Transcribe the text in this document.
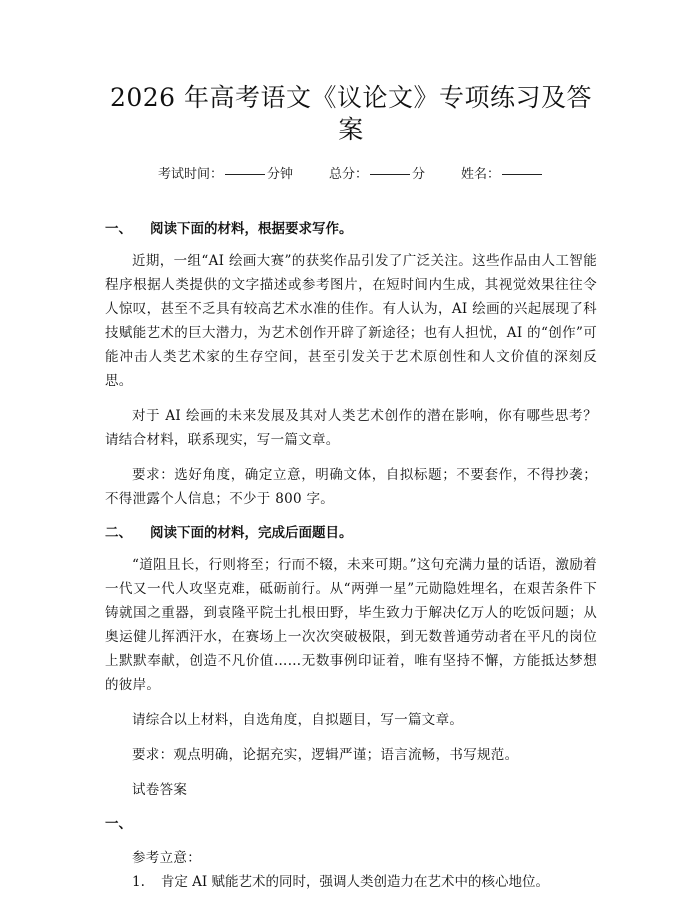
2026 年高考语文《议论文》专项练习及答案
考试时间：	分钟	总分：	分	姓名：
一、 阅读下面的材料，根据要求写作。

近期，一组“AI 绘画大赛”的获奖作品引发了广泛关注。这些作品由人工智能程序根据人类提供的文字描述或参考图片，在短时间内生成，其视觉效果往往令人惊叹，甚至不乏具有较高艺术水准的佳作。有人认为，AI 绘画的兴起展现了科技赋能艺术的巨大潜力，为艺术创作开辟了新途径；也有人担忧，AI 的“创作”可能冲击人类艺术家的生存空间，甚至引发关于艺术原创性和人文价值的深刻反思。

对于 AI 绘画的未来发展及其对人类艺术创作的潜在影响，你有哪些思考？请结合材料，联系现实，写一篇文章。

要求：选好角度，确定立意，明确文体，自拟标题；不要套作，不得抄袭；不得泄露个人信息；不少于 800 字。

二、 阅读下面的材料，完成后面题目。

“道阻且长，行则将至；行而不辍，未来可期。”这句充满力量的话语，激励着一代又一代人攻坚克难，砥砺前行。从“两弹一星”元勋隐姓埋名，在艰苦条件下铸就国之重器，到袁隆平院士扎根田野，毕生致力于解决亿万人的吃饭问题；从奥运健儿挥洒汗水，在赛场上一次次突破极限，到无数普通劳动者在平凡的岗位上默默奉献，创造不凡价值……无数事例印证着，唯有坚持不懈，方能抵达梦想的彼岸。

请综合以上材料，自选角度，自拟题目，写一篇文章。

要求：观点明确，论据充实，逻辑严谨；语言流畅，书写规范。

试卷答案

一、

参考立意：

1. 肯定 AI 赋能艺术的同时，强调人类创造力在艺术中的核心地位。
